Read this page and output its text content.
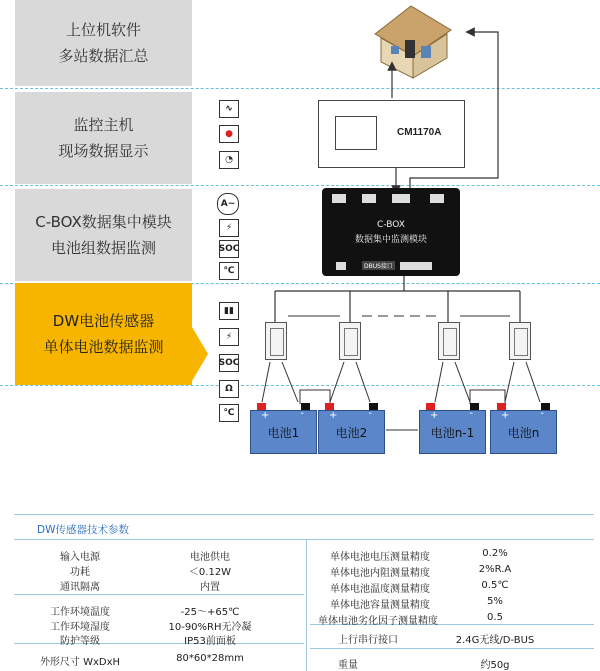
上位机软件
多站数据汇总
监控主机
现场数据显示
C-BOX数据集中模块
电池组数据监测
DW电池传感器
单体电池数据监测
∿
●
◔
A~
⚡
SOC
℃
▮▮
⚡
SOC
Ω
℃
CM1170A
C-BOX
数据集中监测模块
DBUS接口
+	-
电池1
+	-
电池2
+	-
电池n-1
+	-
电池n
DW传感器技术参数
输入电源	电池供电
功耗	＜0.12W
通讯隔离	内置
工作环境温度	-25～+65℃
工作环境湿度	10-90%RH无冷凝
防护等级	IP53前面板
外形尺寸 WxDxH	80*60*28mm
单体电池电压测量精度	0.2%
单体电池内阻测量精度	2%R.A
单体电池温度测量精度	0.5℃
单体电池容量测量精度	5%
单体电池劣化因子测量精度	0.5
上行串行接口	2.4G无线/D-BUS
重量	约50g
